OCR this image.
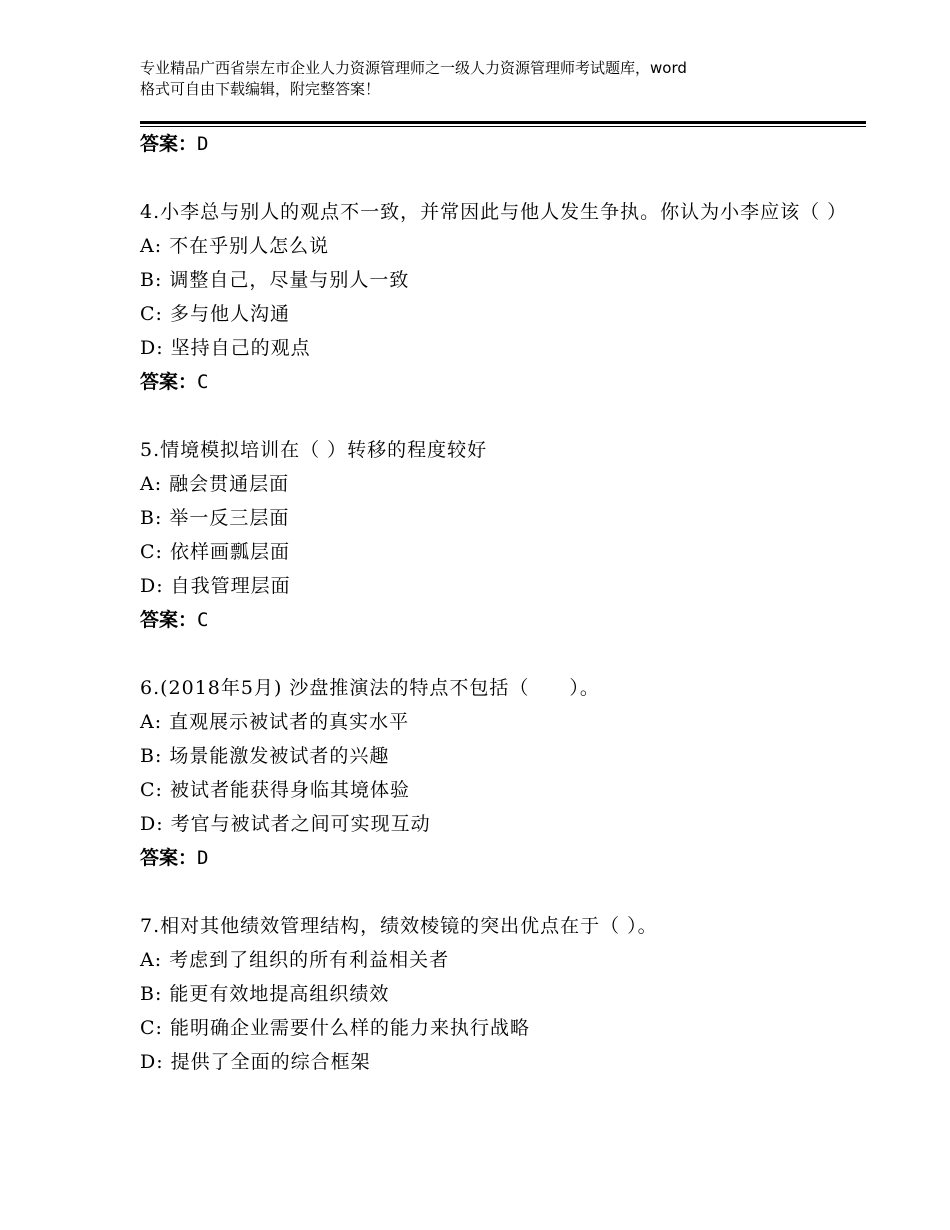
专业精品广西省崇左市企业人力资源管理师之一级人力资源管理师考试题库，word
格式可自由下载编辑，附完整答案！
答案：D
4.小李总与别人的观点不一致，并常因此与他人发生争执。你认为小李应该（ ）
A: 不在乎别人怎么说
B: 调整自己，尽量与别人一致
C: 多与他人沟通
D: 坚持自己的观点
答案：C
5.情境模拟培训在（ ）转移的程度较好
A: 融会贯通层面
B: 举一反三层面
C: 依样画瓢层面
D: 自我管理层面
答案：C
6.(2018年5月) 沙盘推演法的特点不包括（　　）。
A: 直观展示被试者的真实水平
B: 场景能激发被试者的兴趣
C: 被试者能获得身临其境体验
D: 考官与被试者之间可实现互动
答案：D
7.相对其他绩效管理结构，绩效棱镜的突出优点在于（ ）。
A: 考虑到了组织的所有利益相关者
B: 能更有效地提高组织绩效
C: 能明确企业需要什么样的能力来执行战略
D: 提供了全面的综合框架
